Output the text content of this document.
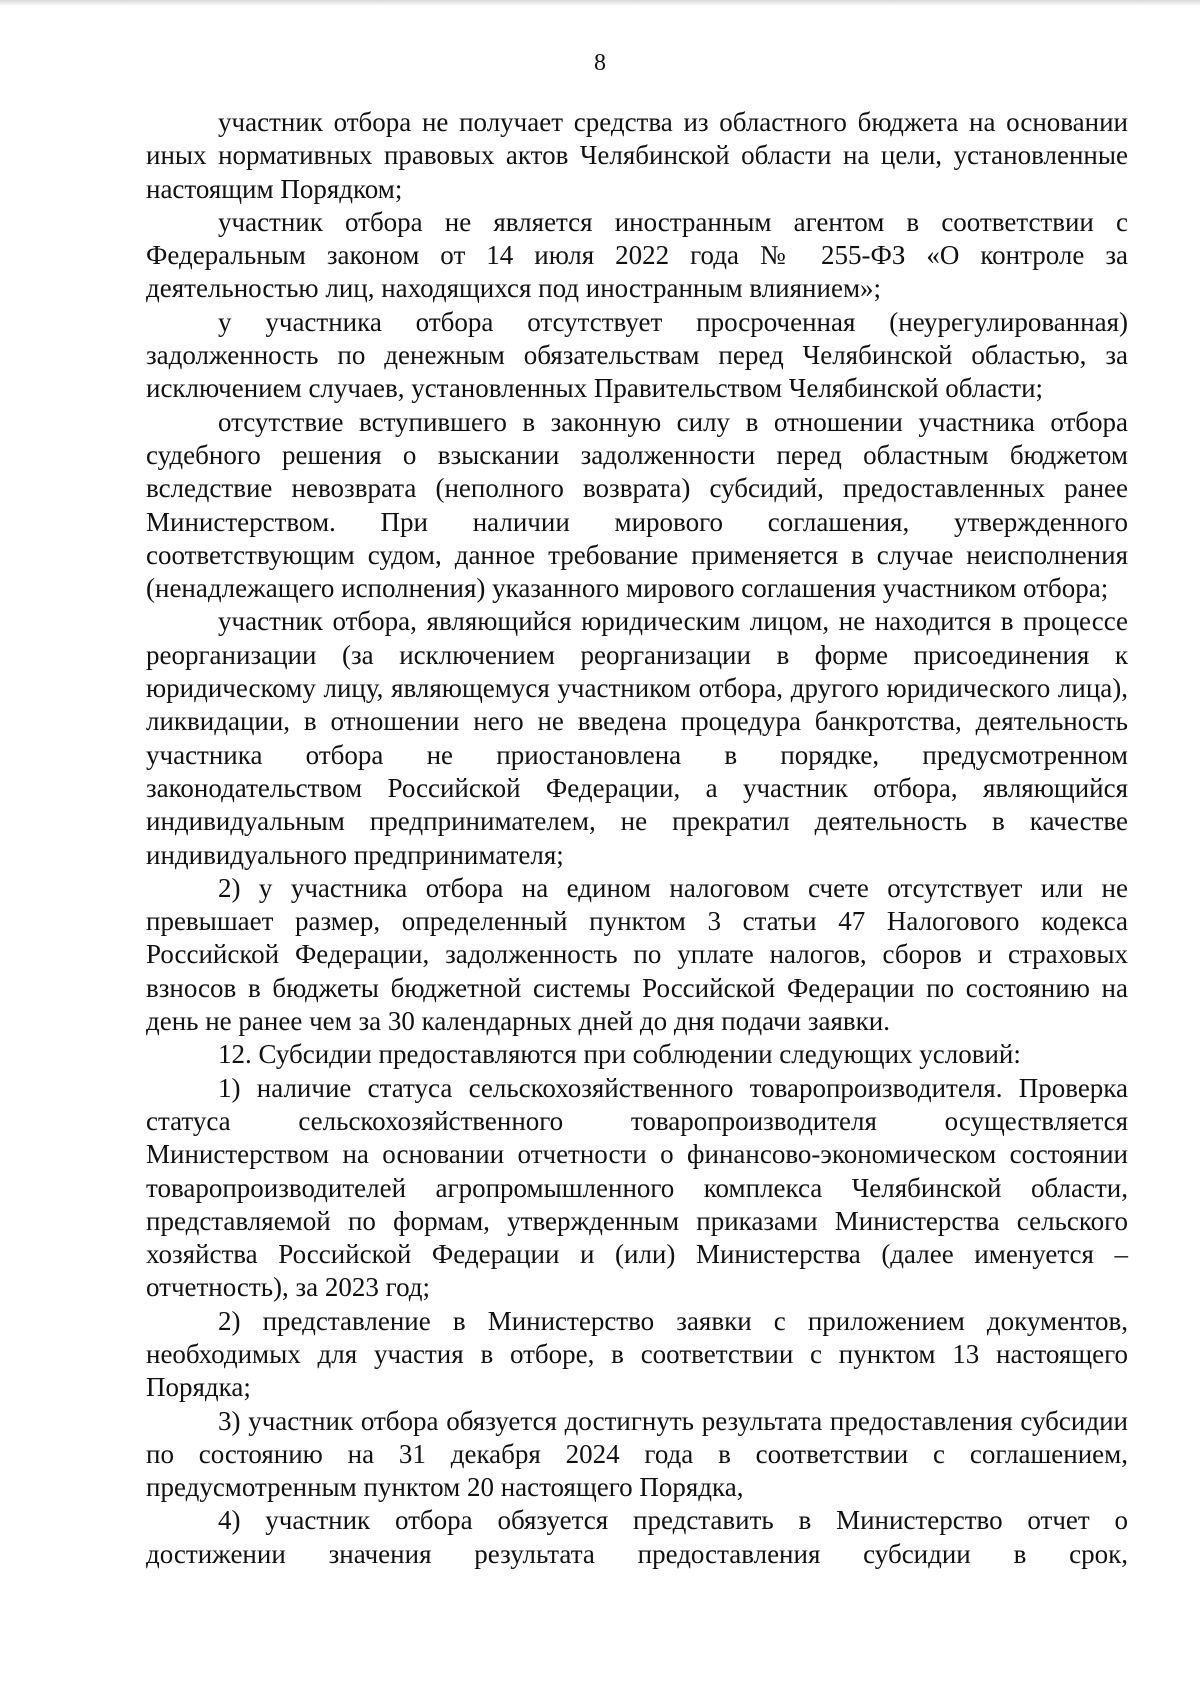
8

участник отбора не получает средства из областного бюджета на основании иных нормативных правовых актов Челябинской области на цели, установленные настоящим Порядком;

участник отбора не является иностранным агентом в соответствии с Федеральным законом от 14 июля 2022 года № 255-ФЗ «О контроле за деятельностью лиц, находящихся под иностранным влиянием»;

у участника отбора отсутствует просроченная (неурегулированная) задолженность по денежным обязательствам перед Челябинской областью, за исключением случаев, установленных Правительством Челябинской области;

отсутствие вступившего в законную силу в отношении участника отбора судебного решения о взыскании задолженности перед областным бюджетом вследствие невозврата (неполного возврата) субсидий, предоставленных ранее Министерством. При наличии мирового соглашения, утвержденного соответствующим судом, данное требование применяется в случае неисполнения (ненадлежащего исполнения) указанного мирового соглашения участником отбора;

участник отбора, являющийся юридическим лицом, не находится в процессе реорганизации (за исключением реорганизации в форме присоединения к юридическому лицу, являющемуся участником отбора, другого юридического лица), ликвидации, в отношении него не введена процедура банкротства, деятельность участника отбора не приостановлена в порядке, предусмотренном законодательством Российской Федерации, а участник отбора, являющийся индивидуальным предпринимателем, не прекратил деятельность в качестве индивидуального предпринимателя;

2) у участника отбора на едином налоговом счете отсутствует или не превышает размер, определенный пунктом 3 статьи 47 Налогового кодекса Российской Федерации, задолженность по уплате налогов, сборов и страховых взносов в бюджеты бюджетной системы Российской Федерации по состоянию на день не ранее чем за 30 календарных дней до дня подачи заявки.

12. Субсидии предоставляются при соблюдении следующих условий:

1) наличие статуса сельскохозяйственного товаропроизводителя. Проверка статуса сельскохозяйственного товаропроизводителя осуществляется Министерством на основании отчетности о финансово-экономическом состоянии товаропроизводителей агропромышленного комплекса Челябинской области, представляемой по формам, утвержденным приказами Министерства сельского хозяйства Российской Федерации и (или) Министерства (далее именуется – отчетность), за 2023 год;

2) представление в Министерство заявки с приложением документов, необходимых для участия в отборе, в соответствии с пунктом 13 настоящего Порядка;

3) участник отбора обязуется достигнуть результата предоставления субсидии по состоянию на 31 декабря 2024 года в соответствии с соглашением, предусмотренным пунктом 20 настоящего Порядка,

4) участник отбора обязуется представить в Министерство отчет о достижении значения результата предоставления субсидии в срок,
